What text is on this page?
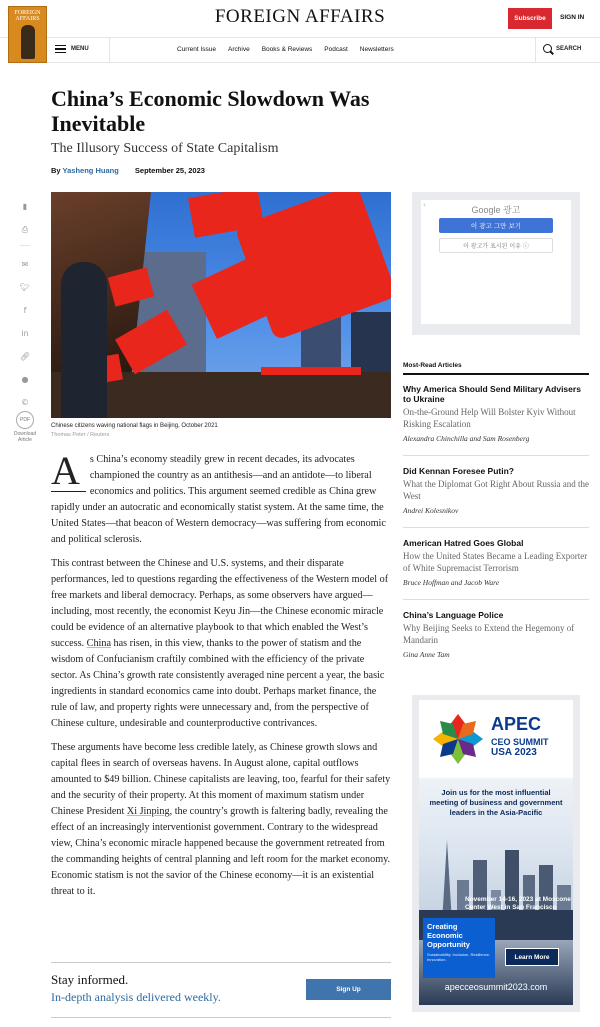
FOREIGN AFFAIRS	FOREIGN AFFAIRS	Subscribe	SIGN IN
MENU	Current Issue Archive Books & Reviews Podcast Newsletters	SEARCH
China’s Economic Slowdown Was Inevitable
The Illusory Success of State Capitalism
By Yasheng Huang September 25, 2023
▮
⎙
✉
🐦︎
f
in
🔗︎
●
©
PDF
Download Article
Chinese citizens waving national flags in Beijing, October 2021
Thomas Peter / Reuters

A s China’s economy steadily grew in recent decades, its advocates championed the country as an antithesis—and an antidote—to liberal economics and politics. This argument seemed credible as China grew rapidly under an autocratic and economically statist system. At the same time, the United States—that beacon of Western democracy—was suffering from economic and political sclerosis.

This contrast between the Chinese and U.S. systems, and their disparate performances, led to questions regarding the effectiveness of the Western model of free markets and liberal democracy. Perhaps, as some observers have argued—including, most recently, the economist Keyu Jin—the Chinese economic miracle could be evidence of an alternative playbook to that which enabled the West’s success. China has risen, in this view, thanks to the power of statism and the wisdom of Confucianism craftily combined with the efficiency of the private sector. As China’s growth rate consistently averaged nine percent a year, the basic ingredients in standard economics came into doubt. Perhaps market finance, the rule of law, and property rights were unnecessary and, from the perspective of Chinese culture, undesirable and counterproductive contrivances.

These arguments have become less credible lately, as Chinese growth slows and capital flees in search of overseas havens. In August alone, capital outflows amounted to $49 billion. Chinese capitalists are leaving, too, fearful for their safety and the security of their property. At this moment of maximum statism under Chinese President Xi Jinping, the country’s growth is faltering badly, revealing the effect of an increasingly interventionist government. Contrary to the widespread view, China’s economic miracle happened because the government retreated from the commanding heights of central planning and left room for the market economy. Economic statism is not the savior of the Chinese economy—it is an existential threat to it.

Stay informed.
In-depth analysis delivered weekly.
Sign Up
‹	Google 광고
이 광고 그만 보기
이 광고가 표시된 이유 ⓘ
Most-Read Articles
Why America Should Send Military Advisers to Ukraine
On-the-Ground Help Will Bolster Kyiv Without Risking Escalation
Alexandra Chinchilla and Sam Rosenberg
Did Kennan Foresee Putin?
What the Diplomat Got Right About Russia and the West
Andrei Kolesnikov
American Hatred Goes Global
How the United States Became a Leading Exporter of White Supremacist Terrorism
Bruce Hoffman and Jacob Ware
China’s Language Police
Why Beijing Seeks to Extend the Hegemony of Mandarin
Gina Anne Tam
APEC
CEO SUMMIT
USA 2023
Join us for the most influential meeting of business and government leaders in the Asia-Pacific
November 14-16, 2023 at Moscone Center West in San Francisco
Creating Economic Opportunity
Sustainability. Inclusion. Resilience. Innovation.	Learn More
apecceosummit2023.com
